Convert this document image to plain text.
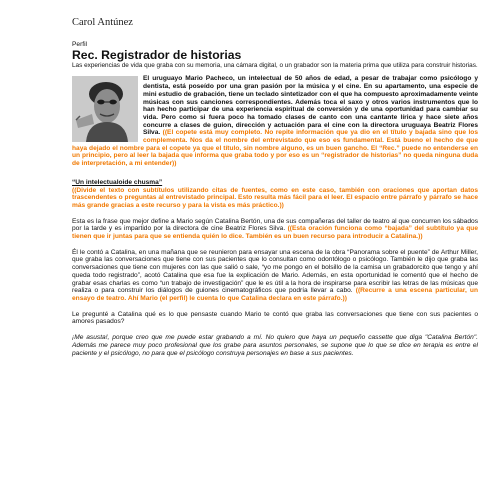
Carol Antúnez

Perfil

Rec. Registrador de historias

Las experiencias de vida que graba con su memoria, una cámara digital, o un grabador son la materia prima que utiliza para construir historias.

El uruguayo Mario Pacheco, un intelectual de 50 años de edad, a pesar de trabajar como psicólogo y dentista, está poseído por una gran pasión por la música y el cine. En su apartamento, una especie de mini estudio de grabación, tiene un teclado sintetizador con el que ha compuesto aproximadamente veinte músicas con sus canciones correspondientes. Además toca el saxo y otros varios instrumentos que lo han hecho participar de una experiencia espiritual de conversión y de una oportunidad para cambiar su vida. Pero como si fuera poco ha tomado clases de canto con una cantante lírica y hace siete años concurre a clases de guion, dirección y actuación para el cine con la directora uruguaya Beatriz Flores Silva. ((El copete está muy completo. No repite información que ya dio en el título y bajada sino que los complementa. Nos da el nombre del entrevistado que eso es fundamental. Está bueno el hecho de que haya dejado el nombre para el copete ya que el título, sin nombre alguno, es un buen gancho. El “Rec.” puede no entenderse en un principio, pero al leer la bajada que informa que graba todo y por eso es un “registrador de historias” no queda ninguna duda de interpretación, a mi entender))

“Un intelectualoide chusma”

((Divide el texto con subtítulos utilizando citas de fuentes, como en este caso, también con oraciones que aportan datos trascendentes o preguntas al entrevistado principal. Esto resulta más fácil para el leer. El espacio entre párrafo y párrafo se hace más grande gracias a este recurso y para la vista es más práctico.))

Esta es la frase que mejor define a Mario según Catalina Bertón, una de sus compañeras del taller de teatro al que concurren los sábados por la tarde y es impartido por la directora de cine Beatriz Flores Silva. ((Esta oración funciona como “bajada” del subtítulo ya que tienen que ir juntas para que se entienda quién lo dice. También es un buen recurso para introducir a Catalina.))

Él le contó a Catalina, en una mañana que se reunieron para ensayar una escena de la obra “Panorama sobre el puente” de Arthur Miller, que graba las conversaciones que tiene con sus pacientes que lo consultan como odontólogo o psicólogo. También le dijo que graba las conversaciones que tiene con mujeres con las que salió o sale, “yo me pongo en el bolsillo de la camisa un grabadorcito que tengo y ahí queda todo registrado”, acotó Catalina que esa fue la explicación de Mario. Además, en esta oportunidad le comentó que el hecho de grabar esas charlas es como “un trabajo de investigación” que le es útil a la hora de inspirarse para escribir las letras de las músicas que realiza o para construir los diálogos de guiones cinematográficos que podría llevar a cabo. ((Recurre a una escena particular, un ensayo de teatro. Ahí Mario (el perfil) le cuenta lo que Catalina declara en este párrafo.))

Le pregunté a Catalina qué es lo que pensaste cuando Mario te contó que graba las conversaciones que tiene con sus pacientes o amores pasados?

¡Me asusta!, porque creo que me puede estar grabando a mí. No quiero que haya un pequeño cassette que diga "Catalina Bertón". Además me parece muy poco profesional que los grabe para asuntos personales, se supone que lo que se dice en terapia es entre el paciente y el psicólogo, no para que el psicólogo construya personajes en base a sus pacientes.
